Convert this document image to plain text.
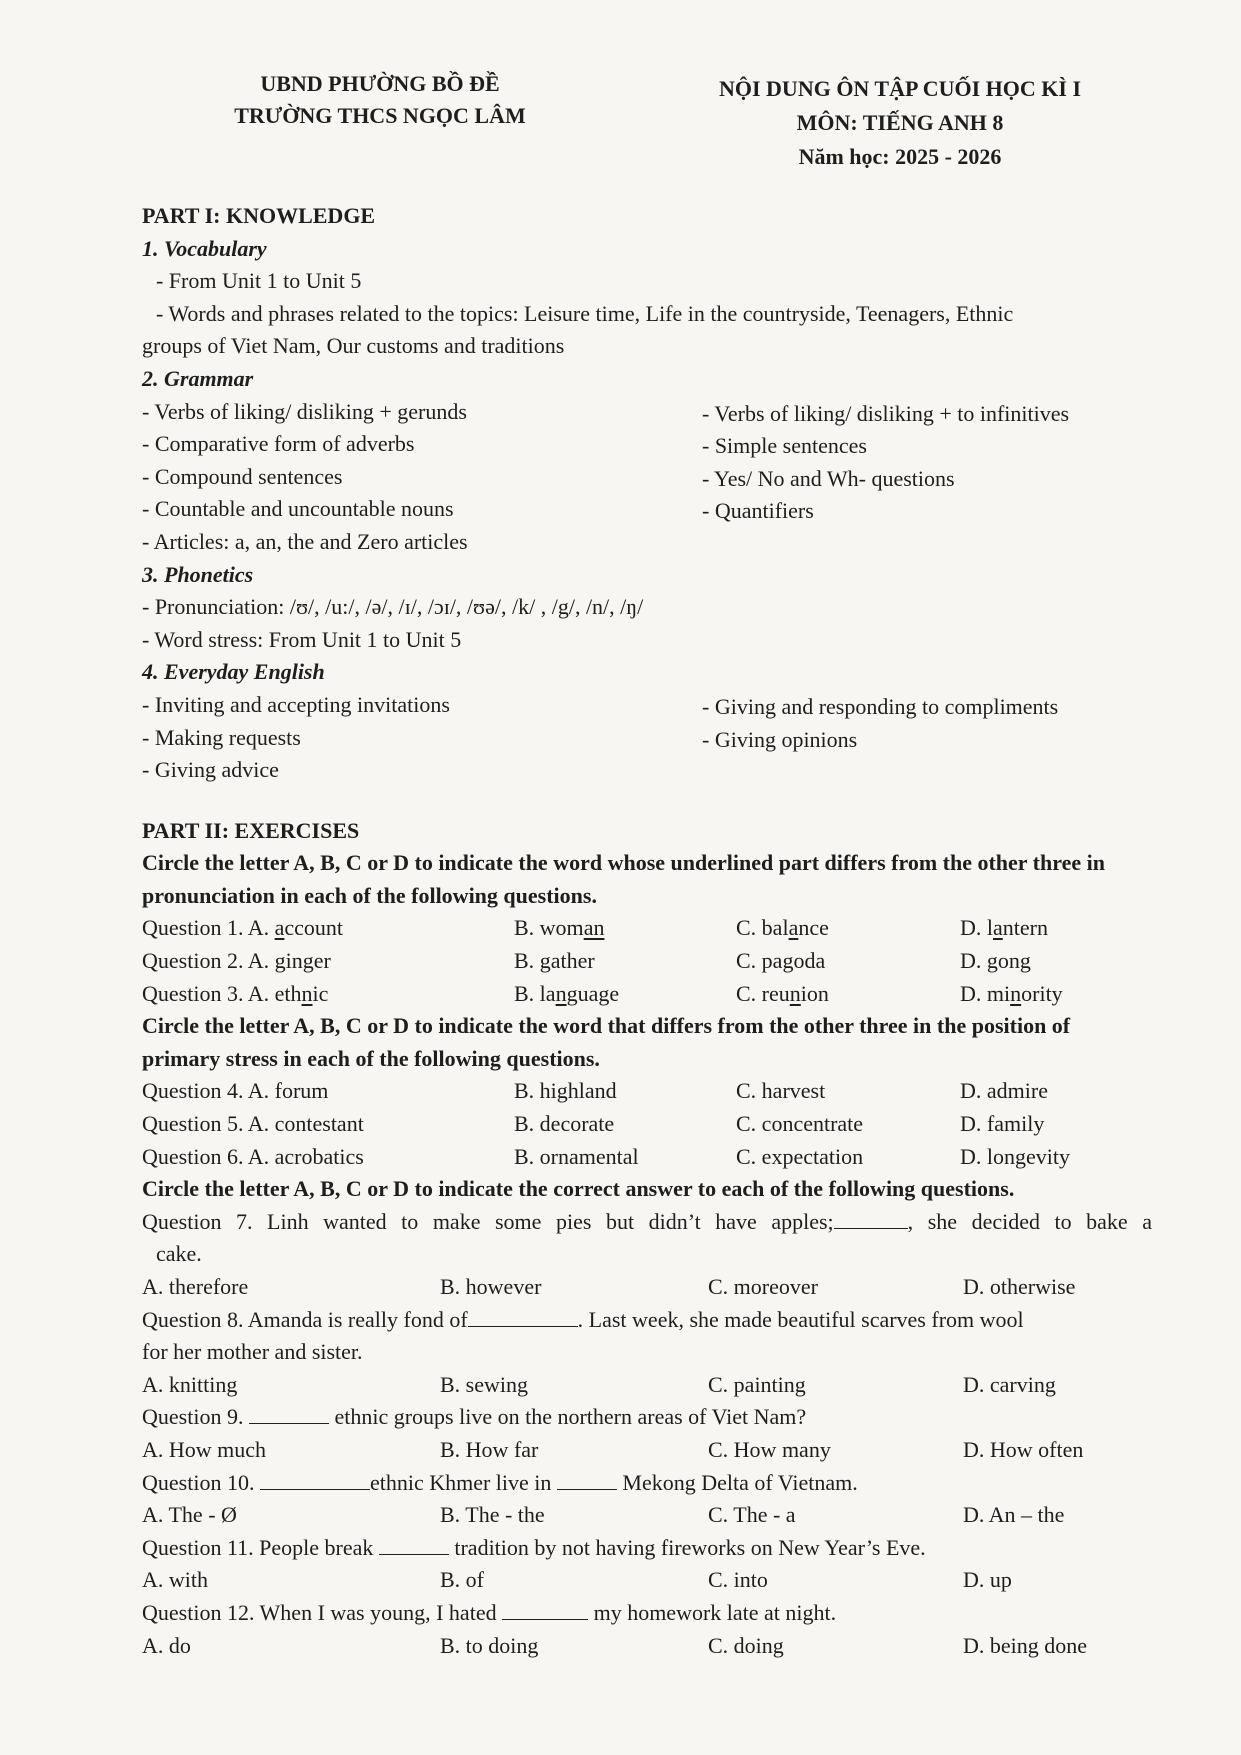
UBND PHƯỜNG BỒ ĐỀ
TRƯỜNG THCS NGỌC LÂM
NỘI DUNG ÔN TẬP CUỐI HỌC KÌ I
MÔN: TIẾNG ANH 8
Năm học: 2025 - 2026
PART I: KNOWLEDGE
1. Vocabulary
- From Unit 1 to Unit 5
- Words and phrases related to the topics: Leisure time, Life in the countryside, Teenagers, Ethnic
groups of Viet Nam, Our customs and traditions
2. Grammar
- Verbs of liking/ disliking + gerunds
- Comparative form of adverbs
- Compound sentences
- Countable and uncountable nouns
- Articles: a, an, the and Zero articles
- Verbs of liking/ disliking + to infinitives
- Simple sentences
- Yes/ No and Wh- questions
- Quantifiers
3. Phonetics
- Pronunciation: /ʊ/, /u:/, /ə/, /ɪ/, /ɔɪ/, /ʊə/, /k/ , /g/, /n/, /ŋ/
- Word stress: From Unit 1 to Unit 5
4. Everyday English
- Inviting and accepting invitations
- Making requests
- Giving advice
- Giving and responding to compliments
- Giving opinions
PART II: EXERCISES
Circle the letter A, B, C or D to indicate the word whose underlined part differs from the other three in pronunciation in each of the following questions.
Question 1. A. account	B. woman	C. balance	D. lantern
Question 2. A. ginger	B. gather	C. pagoda	D. gong
Question 3. A. ethnic	B. language	C. reunion	D. minority
Circle the letter A, B, C or D to indicate the word that differs from the other three in the position of primary stress in each of the following questions.
Question 4. A. forum	B. highland	C. harvest	D. admire
Question 5. A. contestant	B. decorate	C. concentrate	D. family
Question 6. A. acrobatics	B. ornamental	C. expectation	D. longevity
Circle the letter A, B, C or D to indicate the correct answer to each of the following questions.
Question 7. Linh wanted to make some pies but didn’t have apples;	, she decided to bake a
cake.
A. therefore	B. however	C. moreover	D. otherwise
Question 8. Amanda is really fond of	. Last week, she made beautiful scarves from wool
for her mother and sister.
A. knitting	B. sewing	C. painting	D. carving
Question 9.	ethnic groups live on the northern areas of Viet Nam?
A. How much	B. How far	C. How many	D. How often
Question 10.	ethnic Khmer live in	Mekong Delta of Vietnam.
A. The - Ø	B. The - the	C. The - a	D. An – the
Question 11. People break	tradition by not having fireworks on New Year’s Eve.
A. with	B. of	C. into	D. up
Question 12. When I was young, I hated	my homework late at night.
A. do	B. to doing	C. doing	D. being done
